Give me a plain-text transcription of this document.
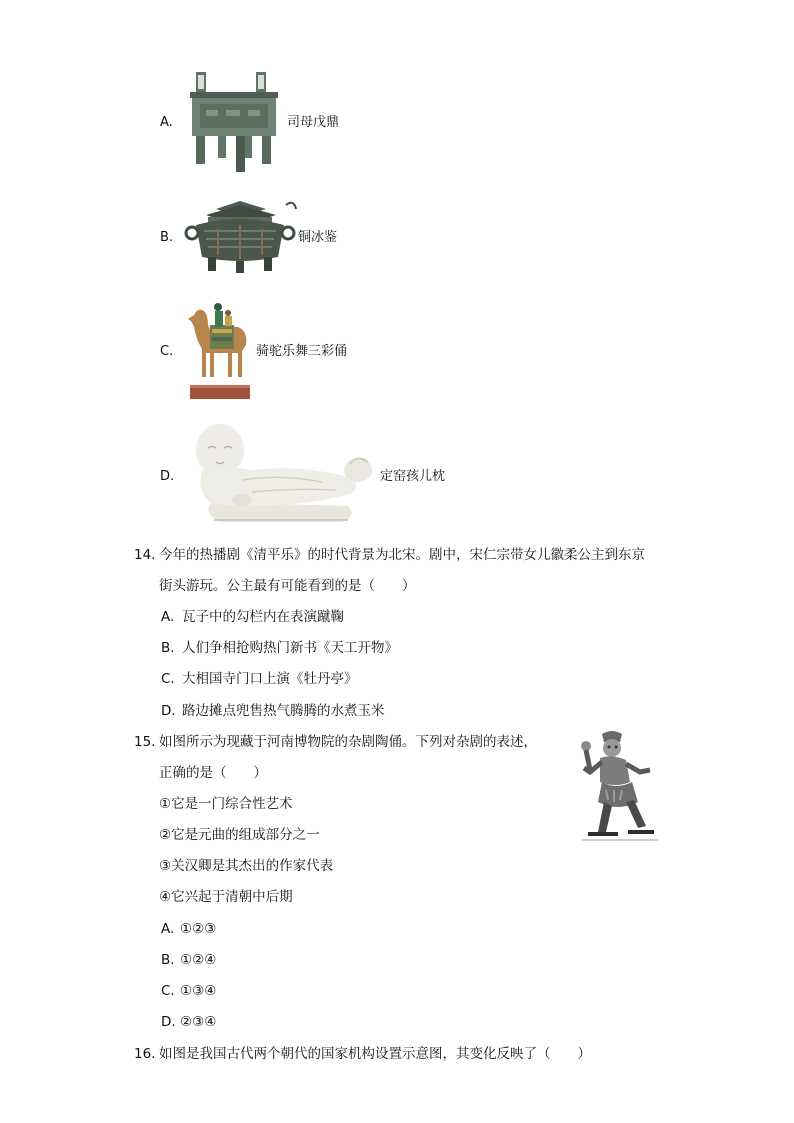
A.	司母戊鼎
B.	铜冰鉴
C.	骑驼乐舞三彩俑
D.	定窑孩儿枕
14. 今年的热播剧《清平乐》的时代背景为北宋。剧中，宋仁宗带女儿徽柔公主到东京
街头游玩。公主最有可能看到的是（　　）
A. 瓦子中的勾栏内在表演蹴鞠
B. 人们争相抢购热门新书《天工开物》
C. 大相国寺门口上演《牡丹亭》
D. 路边摊点兜售热气腾腾的水煮玉米
15. 如图所示为现藏于河南博物院的杂剧陶俑。下列对杂剧的表述，
正确的是（　　）
①它是一门综合性艺术
②它是元曲的组成部分之一
③关汉卿是其杰出的作家代表
④它兴起于清朝中后期
A. ①②③
B. ①②④
C. ①③④
D. ②③④
16. 如图是我国古代两个朝代的国家机构设置示意图，其变化反映了（　　）
